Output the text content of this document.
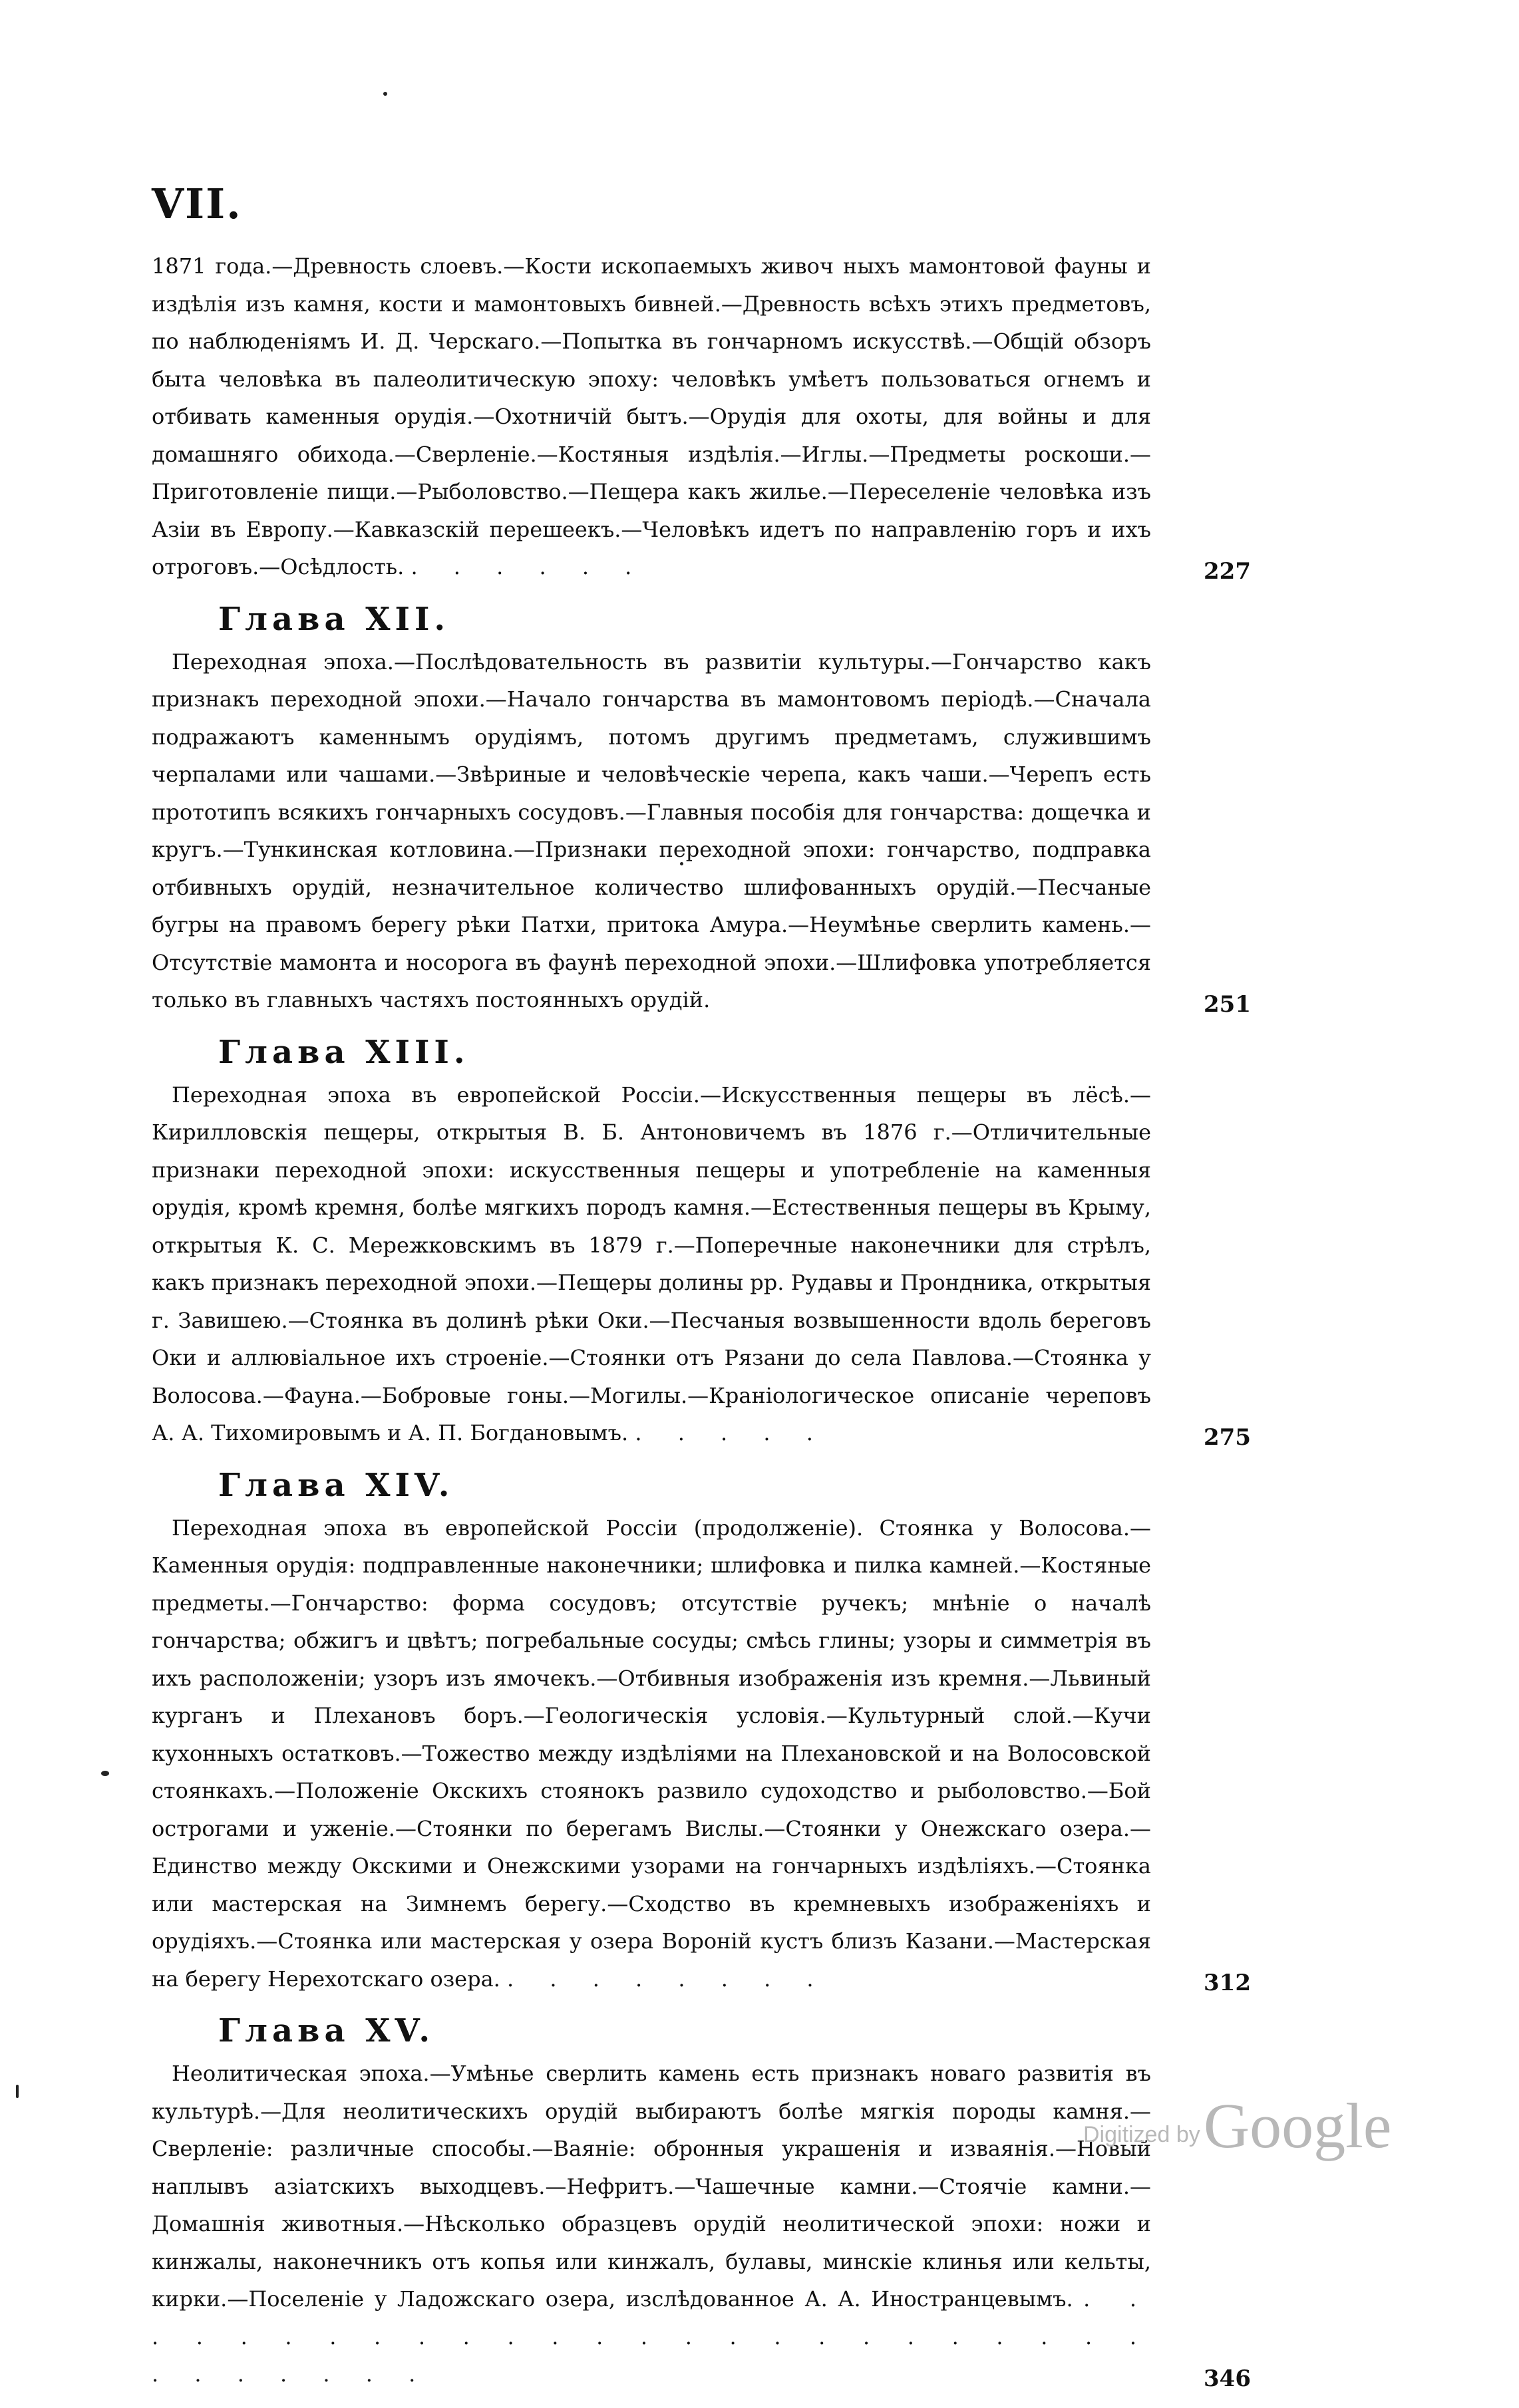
VII.

1871 года.—Древность слоевъ.—Кости ископаемыхъ живоч ныхъ мамонтовой фауны и издѣлія изъ камня, кости и мамонтовыхъ бивней.—Древность всѣхъ этихъ предметовъ, по наблюденіямъ И. Д. Черскаго.—Попытка въ гончарномъ искусствѣ.—Общій обзоръ быта человѣка въ палеолитическую эпоху: человѣкъ умѣетъ пользоваться огнемъ и отбивать каменныя орудія.—Охотничій бытъ.—Орудія для охоты, для войны и для домашняго обихода.—Сверленіе.—Костяныя издѣлія.—Иглы.—Предметы роскоши.—Приготовленіе пищи.—Рыболовство.—Пещера какъ жилье.—Переселеніе человѣка изъ Азіи въ Европу.—Кавказскій перешеекъ.—Человѣкъ идетъ по направленію горъ и ихъ отроговъ.—Осѣдлость. . . . . . .	227
Глава XII.

Переходная эпоха.—Послѣдовательность въ развитіи культуры.—Гончарство какъ признакъ переходной эпохи.—Начало гончарства въ мамонтовомъ періодѣ.—Сначала подражаютъ каменнымъ орудіямъ, потомъ другимъ предметамъ, служившимъ черпалами или чашами.—Звѣриные и человѣческіе черепа, какъ чаши.—Черепъ есть прототипъ всякихъ гончарныхъ сосудовъ.—Главныя пособія для гончарства: дощечка и кругъ.—Тункинская котловина.—Признаки переходной эпохи: гончарство, подправка отбивныхъ орудій, незначительное количество шлифованныхъ орудій.—Песчаные бугры на правомъ берегу рѣки Патхи, притока Амура.—Неумѣнье сверлить камень.—Отсутствіе мамонта и носорога въ фаунѣ переходной эпохи.—Шлифовка употребляется только въ главныхъ частяхъ постоянныхъ орудій.	251
Глава XIII.

Переходная эпоха въ европейской Россіи.—Искусственныя пещеры въ лёсѣ.—Кирилловскія пещеры, открытыя В. Б. Антоновичемъ въ 1876 г.—Отличительные признаки переходной эпохи: искусственныя пещеры и употребленіе на каменныя орудія, кромѣ кремня, болѣе мягкихъ породъ камня.—Естественныя пещеры въ Крыму, открытыя К. С. Мережковскимъ въ 1879 г.—Поперечные наконечники для стрѣлъ, какъ признакъ переходной эпохи.—Пещеры долины рр. Рудавы и Прондника, открытыя г. Завишею.—Стоянка въ долинѣ рѣки Оки.—Песчаныя возвышенности вдоль береговъ Оки и аллювіальное ихъ строеніе.—Стоянки отъ Рязани до села Павлова.—Стоянка у Волосова.—Фауна.—Бобровые гоны.—Могилы.—Краніологическое описаніе череповъ А. А. Тихомировымъ и А. П. Богдановымъ. . . . . .	275
Глава XIV.

Переходная эпоха въ европейской Россіи (продолженіе). Стоянка у Волосова.—Каменныя орудія: подправленные наконечники; шлифовка и пилка камней.—Костяные предметы.—Гончарство: форма сосудовъ; отсутствіе ручекъ; мнѣніе о началѣ гончарства; обжигъ и цвѣтъ; погребальные сосуды; смѣсь глины; узоры и симметрія въ ихъ расположеніи; узоръ изъ ямочекъ.—Отбивныя изображенія изъ кремня.—Львиный курганъ и Плехановъ боръ.—Геологическія условія.—Культурный слой.—Кучи кухонныхъ остатковъ.—Тожество между издѣліями на Плехановской и на Волосовской стоянкахъ.—Положеніе Окскихъ стоянокъ развило судоходство и рыболовство.—Бой острогами и уженіе.—Стоянки по берегамъ Вислы.—Стоянки у Онежскаго озера.—Единство между Окскими и Онежскими узорами на гончарныхъ издѣліяхъ.—Стоянка или мастерская на Зимнемъ берегу.—Сходство въ кремневыхъ изображеніяхъ и орудіяхъ.—Стоянка или мастерская у озера Вороній кустъ близъ Казани.—Мастерская на берегу Нерехотскаго озера. . . . . . . . .	312
Глава XV.

Неолитическая эпоха.—Умѣнье сверлить камень есть признакъ новаго развитія въ культурѣ.—Для неолитическихъ орудій выбираютъ болѣе мягкія породы камня.—Сверленіе: различные способы.—Ваяніе: обронныя украшенія и изваянія.—Новый наплывъ азіатскихъ выходцевъ.—Нефритъ.—Чашечные камни.—Стоячіе камни.—Домашнія животныя.—Нѣсколько образцевъ орудій неолитической эпохи: ножи и кинжалы, наконечникъ отъ копья или кинжалъ, булавы, минскіе клинья или кельты, кирки.—Поселеніе у Ладожскаго озера, изслѣдованное А. А. Иностранцевымъ. . . . . . . . . . . . . . . . . . . . . . . . . . . . . . . . .	346
Digitized by Google
